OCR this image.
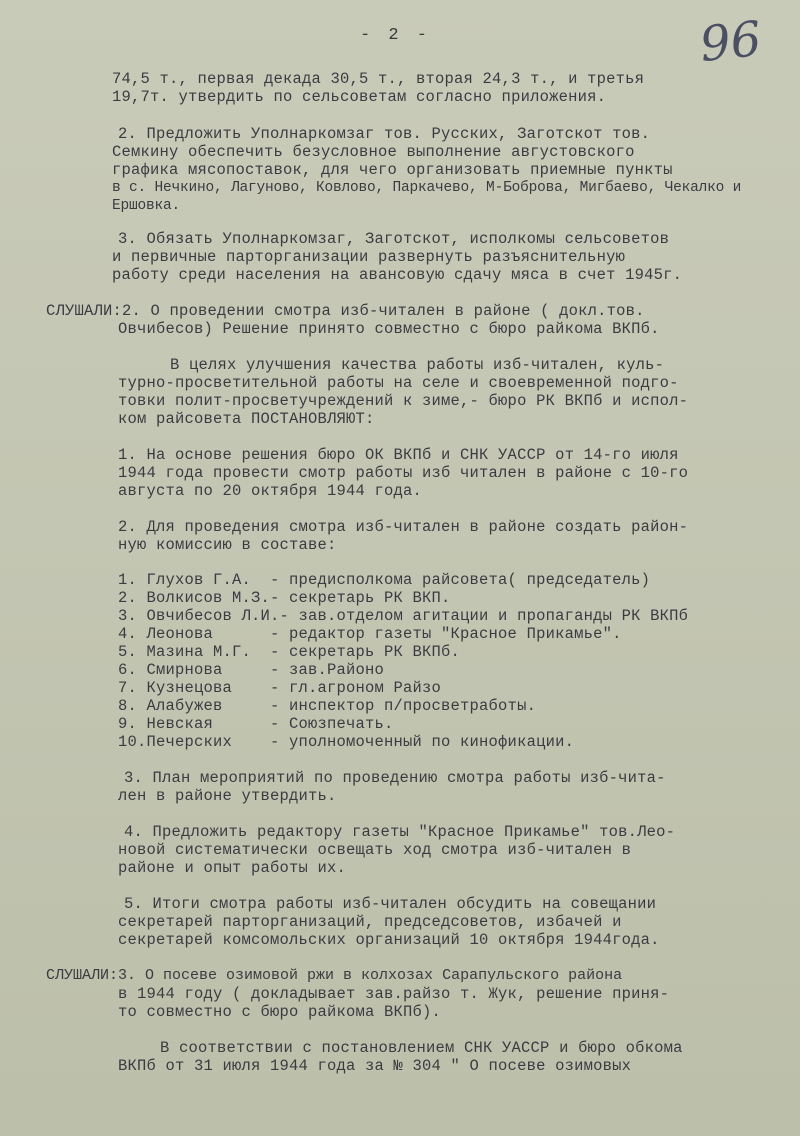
- 2 -	96
74,5 т., первая декада 30,5 т., вторая 24,3 т., и третья
19,7т. утвердить по сельсоветам согласно приложения.
2. Предложить Уполнаркомзаг тов. Русских, Заготскот тов.
Семкину обеспечить безусловное выполнение августовского
графика мясопоставок, для чего организовать приемные пункты
в с. Нечкино, Лагуново, Ковлово, Паркачево, М-Боброва, Мигбаево, Чекалко и Ершовка.
3. Обязать Уполнаркомзаг, Заготскот, исполкомы сельсоветов
и первичные парторганизации развернуть разъяснительную
работу среди населения на авансовую сдачу мяса в счет 1945г.
СЛУШАЛИ:2. О проведении смотра изб-читален в районе ( докл.тов.
Овчибесов) Решение принято совместно с бюро райкома ВКПб.
В целях улучшения качества работы изб-читален, куль-
турно-просветительной работы на селе и своевременной подго-
товки полит-просветучреждений к зиме,- бюро РК ВКПб и испол-
ком райсовета ПОСТАНОВЛЯЮТ:
1. На основе решения бюро ОК ВКПб и СНК УАССР от 14-го июля
1944 года провести смотр работы изб читален в районе с 10-го
августа по 20 октября 1944 года.
2. Для проведения смотра изб-читален в районе создать район-
ную комиссию в составе:
1. Глухов Г.А.  - предисполкома райсовета( председатель)
2. Волкисов М.З.- секретарь РК ВКП.
3. Овчибесов Л.И.- зав.отделом агитации и пропаганды РК ВКПб
4. Леонова      - редактор газеты "Красное Прикамье".
5. Мазина М.Г.  - секретарь РК ВКПб.
6. Смирнова     - зав.Районо
7. Кузнецова    - гл.агроном Райзо
8. Алабужев     - инспектор п/просветработы.
9. Невская      - Союзпечать.
10.Печерских    - уполномоченный по кинофикации.
3. План мероприятий по проведению смотра работы изб-чита-
лен в районе утвердить.
4. Предложить редактору газеты "Красное Прикамье" тов.Лео-
новой систематически освещать ход смотра изб-читален в
районе и опыт работы их.
5. Итоги смотра работы изб-читален обсудить на совещании
секретарей парторганизаций, председсоветов, избачей и
секретарей комсомольских организаций 10 октября 1944года.
СЛУШАЛИ:3. О посеве озимовой ржи в колхозах Сарапульского района
в 1944 году ( докладывает зав.райзо т. Жук, решение приня-
то совместно с бюро райкома ВКПб).
В соответствии с постановлением СНК УАССР и бюро обкома
ВКПб от 31 июля 1944 года за № 304 " О посеве озимовых
